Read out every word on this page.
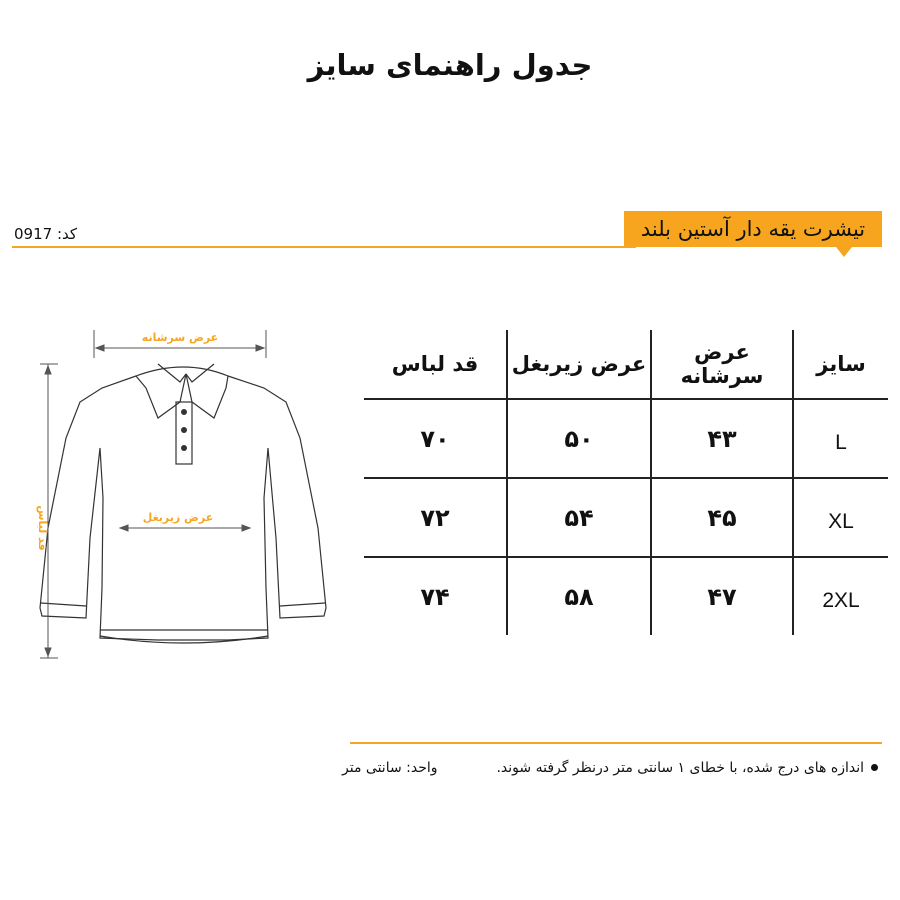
جدول راهنمای سایز
تیشرت یقه دار آستین بلند
کد: 0917
عرض سرشانه
عرض زیربغل
قد لباس
سایز	عرض سرشانه	عرض زیربغل	قد لباس
L	۴۳	۵۰	۷۰
XL	۴۵	۵۴	۷۲
2XL	۴۷	۵۸	۷۴
اندازه های درج شده، با خطای ۱ سانتی متر درنظر گرفته شوند.
واحد: سانتی متر
